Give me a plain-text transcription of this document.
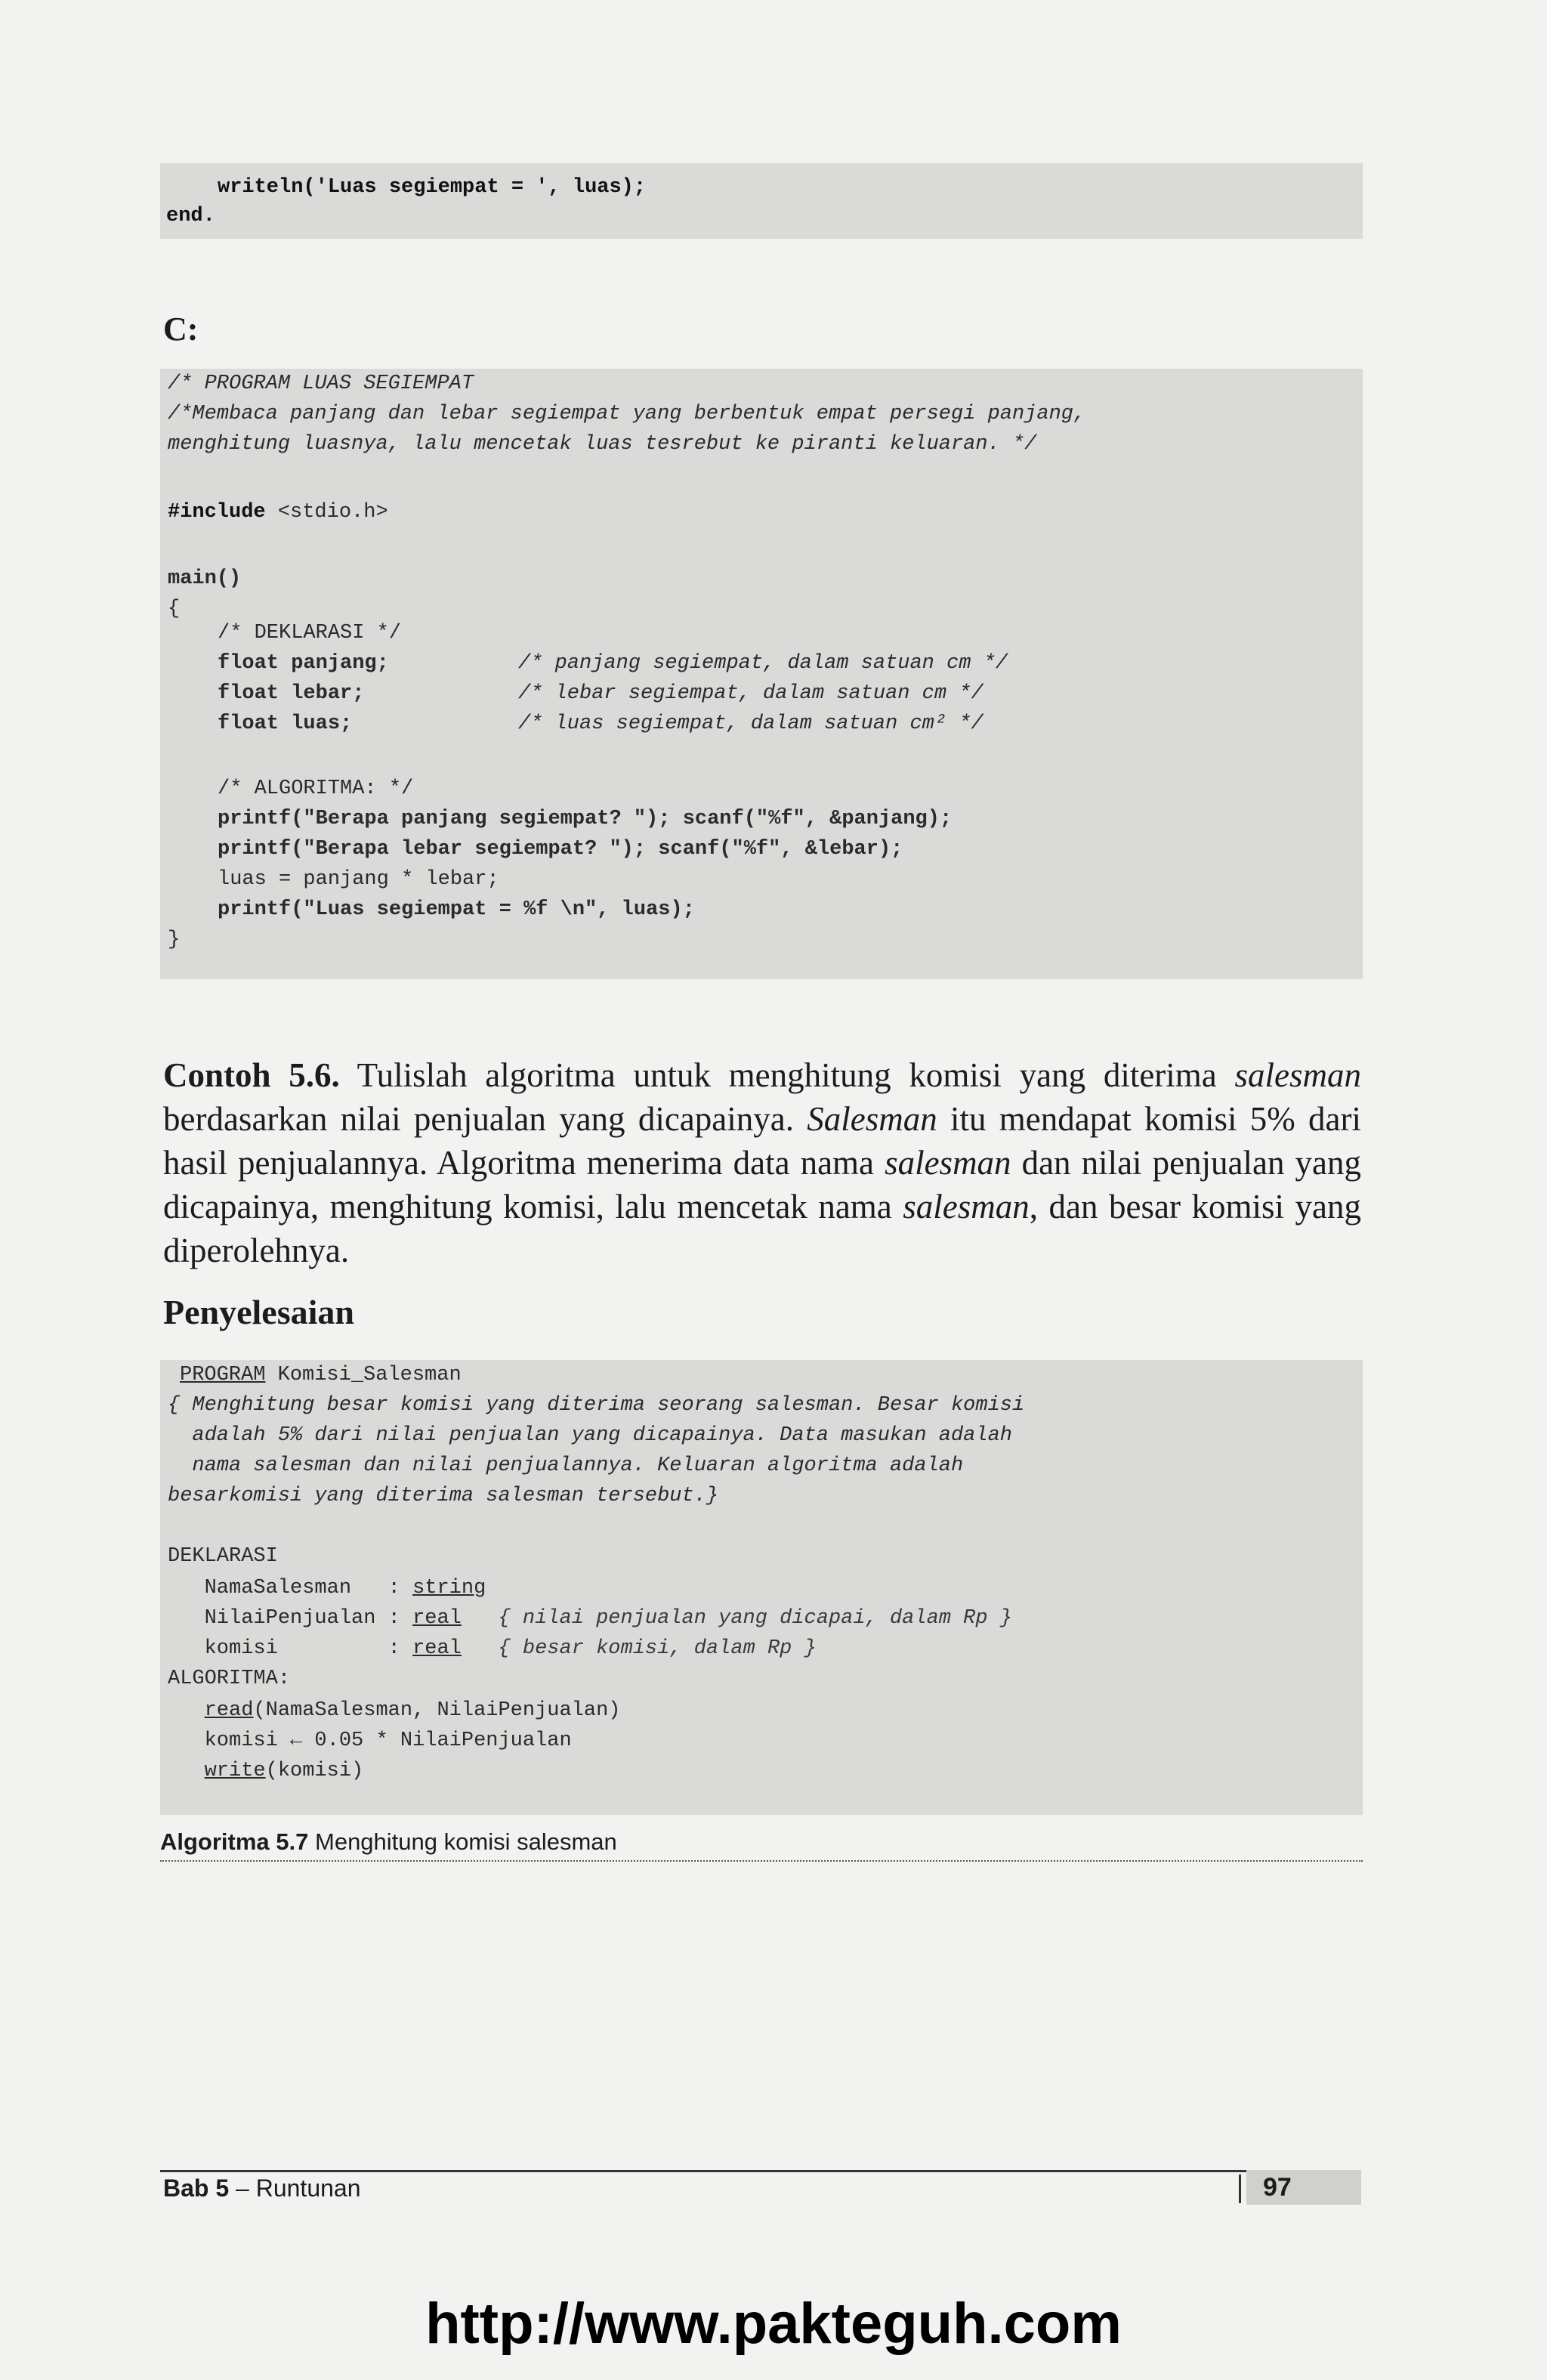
writeln('Luas segiempat = ', luas);
end.
C:
/* PROGRAM LUAS SEGIEMPAT
/*Membaca panjang dan lebar segiempat yang berbentuk empat persegi panjang,
menghitung luasnya, lalu mencetak luas tesrebut ke piranti keluaran. */
#include <stdio.h>
main()
{
/* DEKLARASI */
float panjang;	/* panjang segiempat, dalam satuan cm */
float lebar;	/* lebar segiempat, dalam satuan cm */
float luas;	/* luas segiempat, dalam satuan cm² */
/* ALGORITMA: */
printf("Berapa panjang segiempat? "); scanf("%f", &panjang);
printf("Berapa lebar segiempat? "); scanf("%f", &lebar);
luas = panjang * lebar;
printf("Luas segiempat = %f \n", luas);
}
Contoh 5.6. Tulislah algoritma untuk menghitung komisi yang diterima salesman berdasarkan nilai penjualan yang dicapainya. Salesman itu mendapat komisi 5% dari hasil penjualannya. Algoritma menerima data nama salesman dan nilai penjualan yang dicapainya, menghitung komisi, lalu mencetak nama salesman, dan besar komisi yang diperolehnya.
Penyelesaian
PROGRAM Komisi_Salesman
{ Menghitung besar komisi yang diterima seorang salesman. Besar komisi
adalah 5% dari nilai penjualan yang dicapainya. Data masukan adalah
nama salesman dan nilai penjualannya. Keluaran algoritma adalah
besarkomisi yang diterima salesman tersebut.}
DEKLARASI
NamaSalesman   : string
NilaiPenjualan : real   { nilai penjualan yang dicapai, dalam Rp }
komisi         : real   { besar komisi, dalam Rp }
ALGORITMA:
read(NamaSalesman, NilaiPenjualan)
komisi ← 0.05 * NilaiPenjualan
write(komisi)
Algoritma 5.7 Menghitung komisi salesman
Bab 5 – Runtunan	97
http://www.pakteguh.com
